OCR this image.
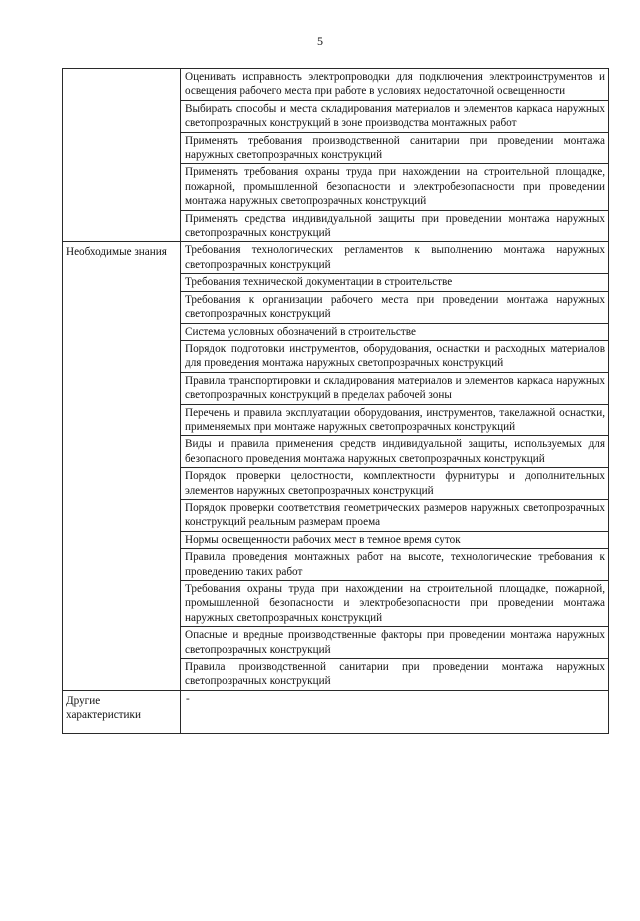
5
	Оценивать исправность электропроводки для подключения электроинструментов и освещения рабочего места при работе в условиях недостаточной освещенности
	Выбирать способы и места складирования материалов и элементов каркаса наружных светопрозрачных конструкций в зоне производства монтажных работ
	Применять требования производственной санитарии при проведении монтажа наружных светопрозрачных конструкций
	Применять требования охраны труда при нахождении на строительной площадке, пожарной, промышленной безопасности и электробезопасности при проведении монтажа наружных светопрозрачных конструкций
	Применять средства индивидуальной защиты при проведении монтажа наружных светопрозрачных конструкций
Необходимые знания	Требования технологических регламентов к выполнению монтажа наружных светопрозрачных конструкций
	Требования технической документации в строительстве
	Требования к организации рабочего места при проведении монтажа наружных светопрозрачных конструкций
	Система условных обозначений в строительстве
	Порядок подготовки инструментов, оборудования, оснастки и расходных материалов для проведения монтажа наружных светопрозрачных конструкций
	Правила транспортировки и складирования материалов и элементов каркаса наружных светопрозрачных конструкций в пределах рабочей зоны
	Перечень и правила эксплуатации оборудования, инструментов, такелажной оснастки, применяемых при монтаже наружных светопрозрачных конструкций
	Виды и правила применения средств индивидуальной защиты, используемых для безопасного проведения монтажа наружных светопрозрачных конструкций
	Порядок проверки целостности, комплектности фурнитуры и дополнительных элементов наружных светопрозрачных конструкций
	Порядок проверки соответствия геометрических размеров наружных светопрозрачных конструкций реальным размерам проема
	Нормы освещенности рабочих мест в темное время суток
	Правила проведения монтажных работ на высоте, технологические требования к проведению таких работ
	Требования охраны труда при нахождении на строительной площадке, пожарной, промышленной безопасности и электробезопасности при проведении монтажа наружных светопрозрачных конструкций
	Опасные и вредные производственные факторы при проведении монтажа наружных светопрозрачных конструкций
	Правила производственной санитарии при проведении монтажа наружных светопрозрачных конструкций
Другие характеристики	-
